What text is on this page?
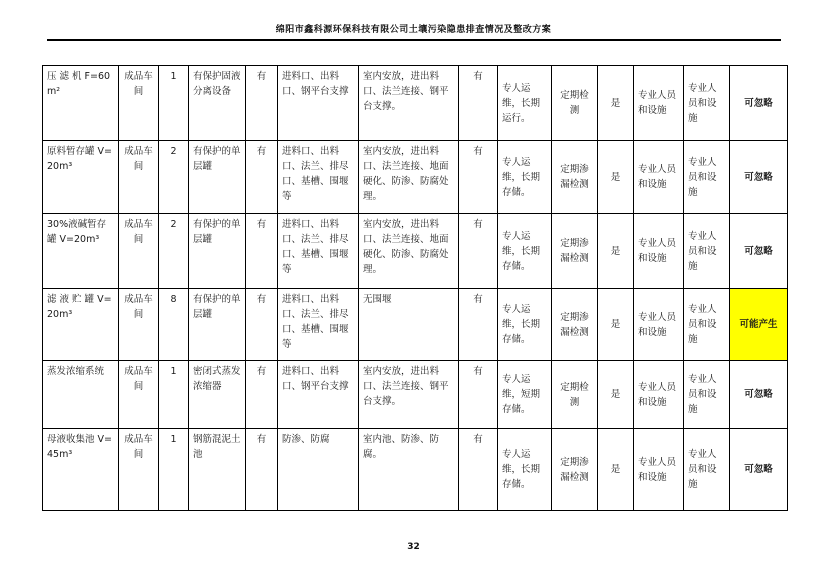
绵阳市鑫科源环保科技有限公司土壤污染隐患排查情况及整改方案
压 滤 机 F=60m²	成品车间	1	有保护固液分离设备	有	进料口、出料口、钢平台支撑	室内安放，进出料口、法兰连接、钢平台支撑。	有	专人运维，长期运行。	定期检测	是	专业人员和设施	专业人员和设施	可忽略
原料暂存罐 V=20m³	成品车间	2	有保护的单层罐	有	进料口、出料口、法兰、排尽口、基槽、围堰等	室内安放，进出料口、法兰连接、地面硬化、防渗、防腐处理。	有	专人运维，长期存储。	定期渗漏检测	是	专业人员和设施	专业人员和设施	可忽略
30%液碱暂存罐 V=20m³	成品车间	2	有保护的单层罐	有	进料口、出料口、法兰、排尽口、基槽、围堰等	室内安放，进出料口、法兰连接、地面硬化、防渗、防腐处理。	有	专人运维，长期存储。	定期渗漏检测	是	专业人员和设施	专业人员和设施	可忽略
滤 液 贮 罐 V=20m³	成品车间	8	有保护的单层罐	有	进料口、出料口、法兰、排尽口、基槽、围堰等	无围堰	有	专人运维，长期存储。	定期渗漏检测	是	专业人员和设施	专业人员和设施	可能产生
蒸发浓缩系统	成品车间	1	密闭式蒸发浓缩器	有	进料口、出料口、钢平台支撑	室内安放，进出料口、法兰连接、钢平台支撑。	有	专人运维，短期存储。	定期检测	是	专业人员和设施	专业人员和设施	可忽略
母液收集池 V=45m³	成品车间	1	钢筋混泥土池	有	防渗、防腐	室内池、防渗、防腐。	有	专人运维，长期存储。	定期渗漏检测	是	专业人员和设施	专业人员和设施	可忽略
32
